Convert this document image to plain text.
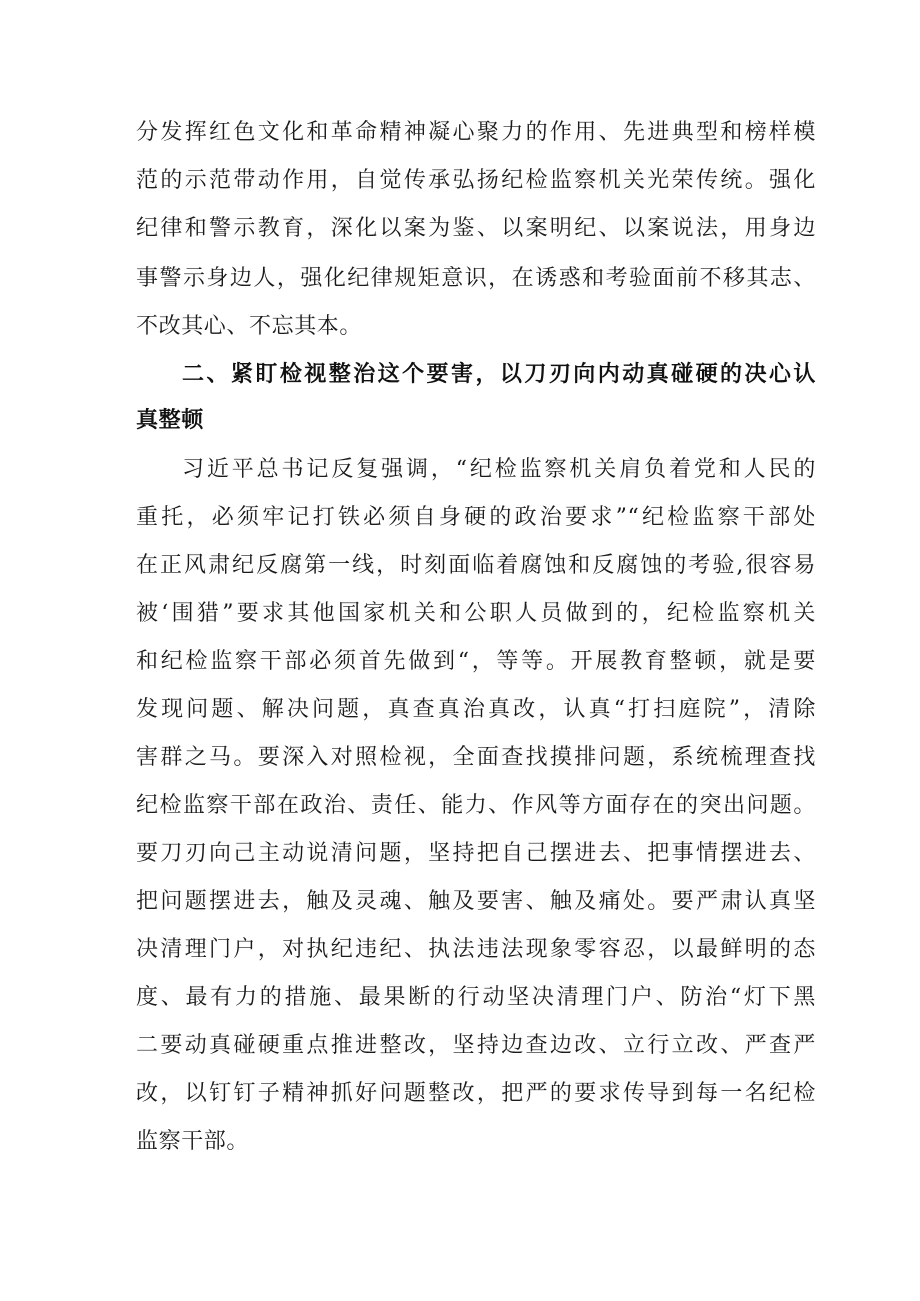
分发挥红色文化和革命精神凝心聚力的作用、先进典型和榜样模
范的示范带动作用，自觉传承弘扬纪检监察机关光荣传统。强化
纪律和警示教育，深化以案为鉴、以案明纪、以案说法，用身边
事警示身边人，强化纪律规矩意识，在诱惑和考验面前不移其志、
不改其心、不忘其本。
二、紧盯检视整治这个要害，以刀刃向内动真碰硬的决心认
真整顿
习近平总书记反复强调，“纪检监察机关肩负着党和人民的
重托，必须牢记打铁必须自身硬的政治要求”“纪检监察干部处
在正风肃纪反腐第一线，时刻面临着腐蚀和反腐蚀的考验,很容易
被‘围猎”要求其他国家机关和公职人员做到的，纪检监察机关
和纪检监察干部必须首先做到“，等等。开展教育整顿，就是要
发现问题、解决问题，真查真治真改，认真“打扫庭院”，清除
害群之马。要深入对照检视，全面查找摸排问题，系统梳理查找
纪检监察干部在政治、责任、能力、作风等方面存在的突出问题。
要刀刃向己主动说清问题，坚持把自己摆进去、把事情摆进去、
把问题摆进去，触及灵魂、触及要害、触及痛处。要严肃认真坚
决清理门户，对执纪违纪、执法违法现象零容忍，以最鲜明的态
度、最有力的措施、最果断的行动坚决清理门户、防治“灯下黑
二要动真碰硬重点推进整改，坚持边查边改、立行立改、严查严
改，以钉钉子精神抓好问题整改，把严的要求传导到每一名纪检
监察干部。
